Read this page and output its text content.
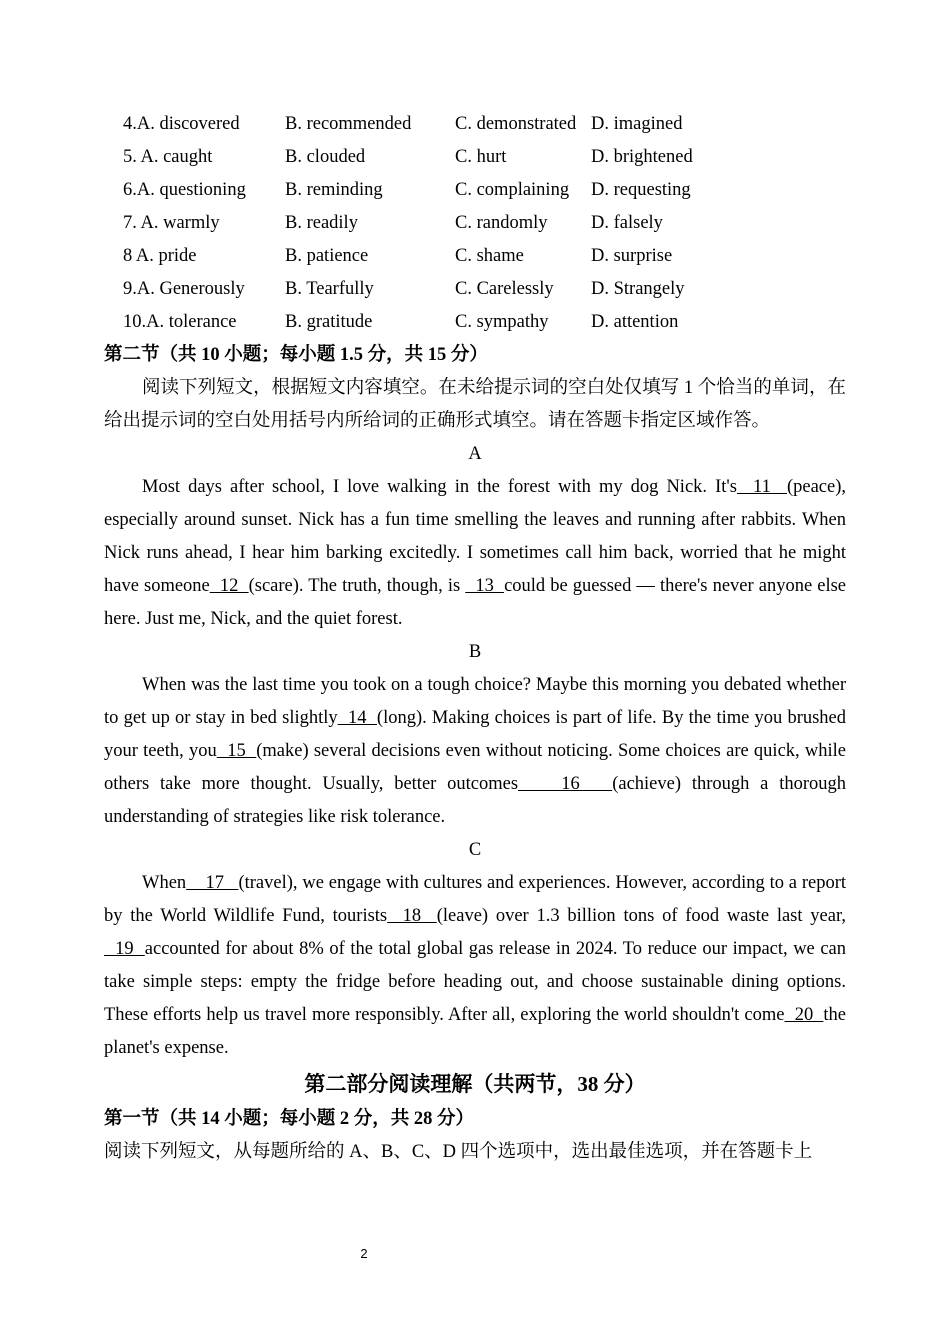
4.A. discovered B. recommended C. demonstrated D. imagined
5. A. caught	B. clouded	C. hurt	D. brightened
6.A. questioning B. reminding	C. complaining D. requesting
7. A. warmly	B. readily	C. randomly D. falsely
8 A. pride	B. patience	C. shame	D. surprise
9.A. Generously B. Tearfully	C. Carelessly D. Strangely
10.A. tolerance	B. gratitude	C. sympathy D. attention
第二节（共 10 小题；每小题 1.5 分，共 15 分）

阅读下列短文，根据短文内容填空。在未给提示词的空白处仅填写 1 个恰当的单词，在给出提示词的空白处用括号内所给词的正确形式填空。请在答题卡指定区域作答。

A

Most days after school, I love walking in the forest with my dog Nick. It's  11  (peace), especially around sunset. Nick has a fun time smelling the leaves and running after rabbits. When Nick runs ahead, I hear him barking excitedly. I sometimes call him back, worried that he might have someone  12  (scare). The truth, though, is   13  could be guessed — there's never anyone else here. Just me, Nick, and the quiet forest.

B

When was the last time you took on a tough choice? Maybe this morning you debated whether to get up or stay in bed slightly  14  (long). Making choices is part of life. By the time you brushed your teeth, you  15  (make) several decisions even without noticing. Some choices are quick, while others take more thought. Usually, better outcomes    16   (achieve) through a thorough understanding of strategies like risk tolerance.

C

When    17   (travel), we engage with cultures and experiences. However, according to a report by the World Wildlife Fund, tourists  18  (leave) over 1.3 billion tons of food waste last year,   19  accounted for about 8% of the total global gas release in 2024. To reduce our impact, we can take simple steps: empty the fridge before heading out, and choose sustainable dining options. These efforts help us travel more responsibly. After all, exploring the world shouldn't come  20  the planet's expense.

第二部分阅读理解（共两节，38 分）
第一节（共 14 小题；每小题 2 分，共 28 分）
阅读下列短文，从每题所给的 A、B、C、D 四个选项中，选出最佳选项，并在答题卡上
2
